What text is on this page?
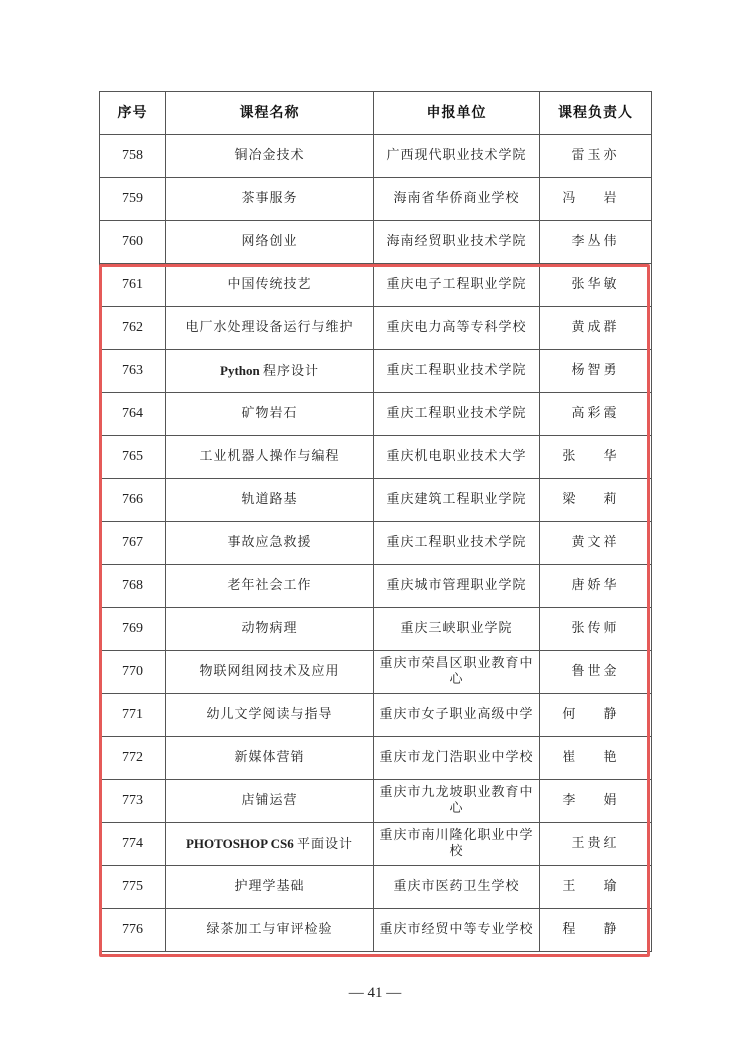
序号	课程名称	申报单位	课程负责人
758	铜冶金技术	广西现代职业技术学院	雷玉亦
759	茶事服务	海南省华侨商业学校	冯 岩
760	网络创业	海南经贸职业技术学院	李丛伟
761	中国传统技艺	重庆电子工程职业学院	张华敏
762	电厂水处理设备运行与维护	重庆电力高等专科学校	黄成群
763	Python 程序设计	重庆工程职业技术学院	杨智勇
764	矿物岩石	重庆工程职业技术学院	高彩霞
765	工业机器人操作与编程	重庆机电职业技术大学	张 华
766	轨道路基	重庆建筑工程职业学院	梁 莉
767	事故应急救援	重庆工程职业技术学院	黄文祥
768	老年社会工作	重庆城市管理职业学院	唐娇华
769	动物病理	重庆三峡职业学院	张传师
770	物联网组网技术及应用	重庆市荣昌区职业教育中心	鲁世金
771	幼儿文学阅读与指导	重庆市女子职业高级中学	何 静
772	新媒体营销	重庆市龙门浩职业中学校	崔 艳
773	店铺运营	重庆市九龙坡职业教育中心	李 娟
774	PHOTOSHOP CS6 平面设计	重庆市南川隆化职业中学校	王贵红
775	护理学基础	重庆市医药卫生学校	王 瑜
776	绿茶加工与审评检验	重庆市经贸中等专业学校	程 静
— 41 —
